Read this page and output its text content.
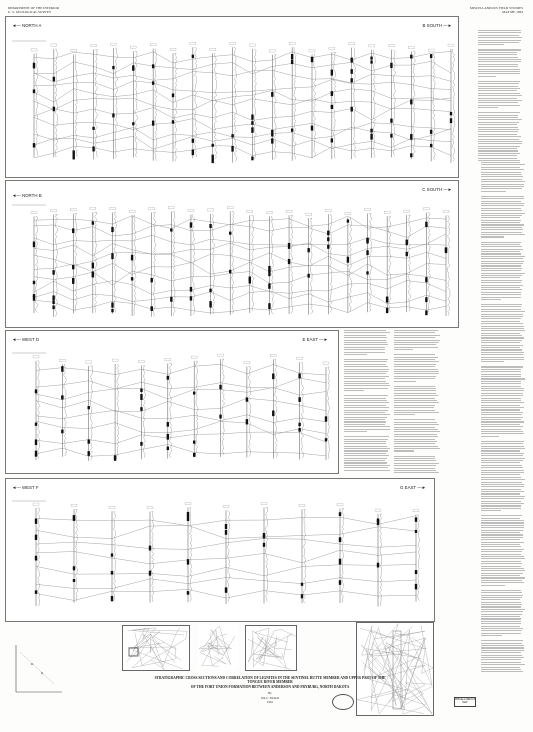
DEPARTMENT OF THE INTERIOR
U. S. GEOLOGICAL SURVEY
MISCELLANEOUS FIELD STUDIES
MAP MF-1964
◄— NORTH A	B SOUTH —►
◄— NORTH B
C SOUTH —►
◄— WEST D	E EAST —►
◄— WEST F	G EAST —►
STRATIGRAPHIC CROSS SECTIONS AND CORRELATION OF LIGNITES IN THE SENTINEL BUTTE MEMBER AND UPPER PART OF THE TONGUE RIVER MEMBER
OF THE FORT UNION FORMATION BETWEEN ANDERSON AND FRYBURG, NORTH DAKOTA
By
Jim C. Nichols
1991
MISCELLANEOUS
MAP
